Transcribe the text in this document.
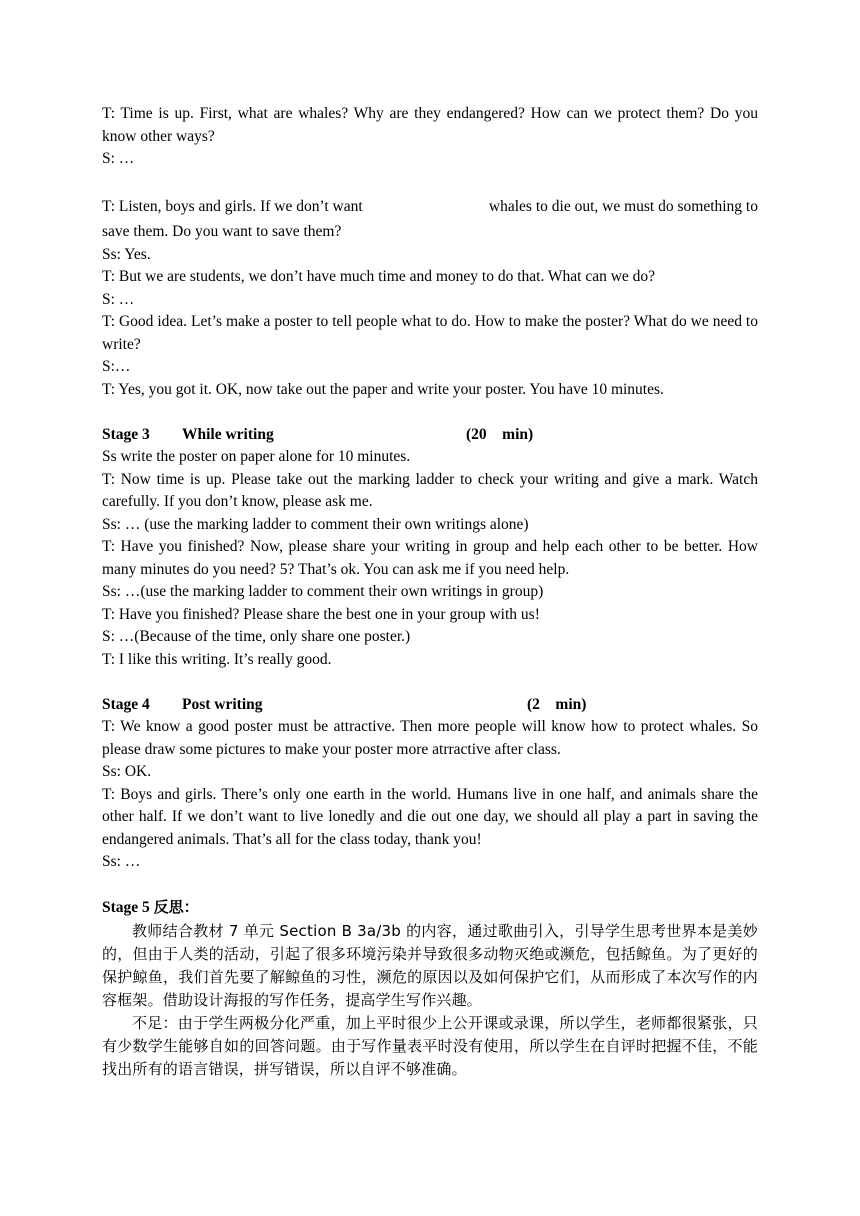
T: Time is up. First, what are whales? Why are they endangered? How can we protect them? Do you know other ways?

S: …

T: Listen, boys and girls. If we don’t want	whales to die out, we must do something to

save them. Do you want to save them?

Ss: Yes.

T: But we are students, we don’t have much time and money to do that. What can we do?

S: …

T: Good idea. Let’s make a poster to tell people what to do. How to make the poster? What do we need to write?

S:…

T: Yes, you got it. OK, now take out the paper and write your poster. You have 10 minutes.

Stage 3 While writing	(20　min)

Ss write the poster on paper alone for 10 minutes.

T: Now time is up. Please take out the marking ladder to check your writing and give a mark. Watch carefully. If you don’t know, please ask me.

Ss: … (use the marking ladder to comment their own writings alone)

T: Have you finished? Now, please share your writing in group and help each other to be better. How many minutes do you need? 5? That’s ok. You can ask me if you need help.

Ss: …(use the marking ladder to comment their own writings in group)

T: Have you finished? Please share the best one in your group with us!

S: …(Because of the time, only share one poster.)

T: I like this writing. It’s really good.

Stage 4 Post writing	(2　min)

T: We know a good poster must be attractive. Then more people will know how to protect whales. So please draw some pictures to make your poster more atrractive after class.

Ss: OK.

T: Boys and girls. There’s only one earth in the world. Humans live in one half, and animals share the other half. If we don’t want to live lonedly and die out one day, we should all play a part in saving the endangered animals. That’s all for the class today, thank you!

Ss: …

Stage 5 反思：

教师结合教材 7 单元 Section B 3a/3b 的内容，通过歌曲引入，引导学生思考世界本是美妙的，但由于人类的活动，引起了很多环境污染并导致很多动物灭绝或濒危，包括鲸鱼。为了更好的保护鲸鱼，我们首先要了解鲸鱼的习性，濒危的原因以及如何保护它们，从而形成了本次写作的内容框架。借助设计海报的写作任务，提高学生写作兴趣。

不足：由于学生两极分化严重，加上平时很少上公开课或录课，所以学生，老师都很紧张，只有少数学生能够自如的回答问题。由于写作量表平时没有使用，所以学生在自评时把握不佳，不能找出所有的语言错误，拼写错误，所以自评不够准确。
